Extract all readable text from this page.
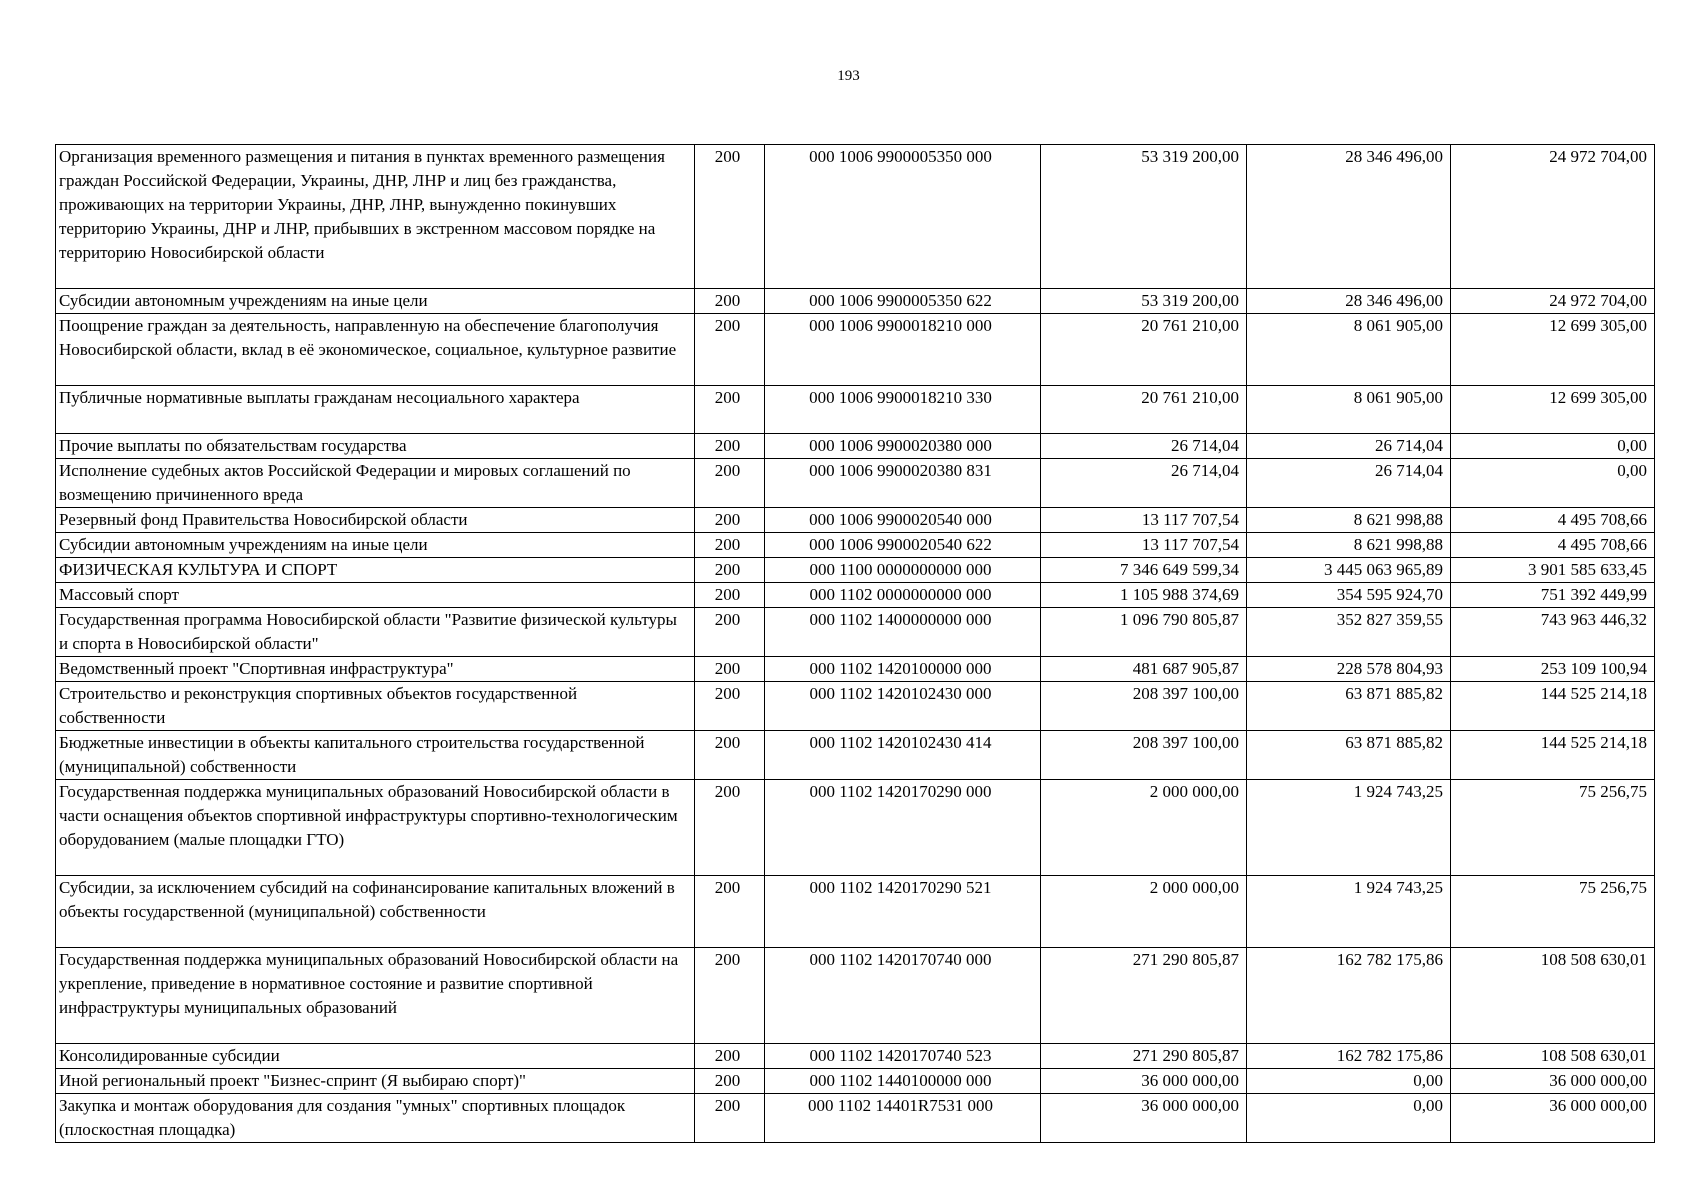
193
Организация временного размещения и питания в пунктах временного размещения граждан Российской Федерации, Украины, ДНР, ЛНР и лиц без гражданства, проживающих на территории Украины, ДНР, ЛНР, вынужденно покинувших территорию Украины, ДНР и ЛНР, прибывших в экстренном массовом порядке на территорию Новосибирской области	200	000 1006 9900005350 000	53 319 200,00	28 346 496,00	24 972 704,00
Субсидии автономным учреждениям на иные цели	200	000 1006 9900005350 622	53 319 200,00	28 346 496,00	24 972 704,00
Поощрение граждан за деятельность, направленную на обеспечение благополучия Новосибирской области, вклад в её экономическое, социальное, культурное развитие	200	000 1006 9900018210 000	20 761 210,00	8 061 905,00	12 699 305,00
Публичные нормативные выплаты гражданам несоциального характера	200	000 1006 9900018210 330	20 761 210,00	8 061 905,00	12 699 305,00
Прочие выплаты по обязательствам государства	200	000 1006 9900020380 000	26 714,04	26 714,04	0,00
Исполнение судебных актов Российской Федерации и мировых соглашений по возмещению причиненного вреда	200	000 1006 9900020380 831	26 714,04	26 714,04	0,00
Резервный фонд Правительства Новосибирской области	200	000 1006 9900020540 000	13 117 707,54	8 621 998,88	4 495 708,66
Субсидии автономным учреждениям на иные цели	200	000 1006 9900020540 622	13 117 707,54	8 621 998,88	4 495 708,66
ФИЗИЧЕСКАЯ КУЛЬТУРА И СПОРТ	200	000 1100 0000000000 000	7 346 649 599,34	3 445 063 965,89	3 901 585 633,45
Массовый спорт	200	000 1102 0000000000 000	1 105 988 374,69	354 595 924,70	751 392 449,99
Государственная программа Новосибирской области "Развитие физической культуры и спорта в Новосибирской области"	200	000 1102 1400000000 000	1 096 790 805,87	352 827 359,55	743 963 446,32
Ведомственный проект "Спортивная инфраструктура"	200	000 1102 1420100000 000	481 687 905,87	228 578 804,93	253 109 100,94
Строительство и реконструкция спортивных объектов государственной собственности	200	000 1102 1420102430 000	208 397 100,00	63 871 885,82	144 525 214,18
Бюджетные инвестиции в объекты капитального строительства государственной (муниципальной) собственности	200	000 1102 1420102430 414	208 397 100,00	63 871 885,82	144 525 214,18
Государственная поддержка муниципальных образований Новосибирской области в части оснащения объектов спортивной инфраструктуры спортивно-технологическим оборудованием (малые площадки ГТО)	200	000 1102 1420170290 000	2 000 000,00	1 924 743,25	75 256,75
Субсидии, за исключением субсидий на софинансирование капитальных вложений в объекты государственной (муниципальной) собственности	200	000 1102 1420170290 521	2 000 000,00	1 924 743,25	75 256,75
Государственная поддержка муниципальных образований Новосибирской области на укрепление, приведение в нормативное состояние и развитие спортивной инфраструктуры муниципальных образований	200	000 1102 1420170740 000	271 290 805,87	162 782 175,86	108 508 630,01
Консолидированные субсидии	200	000 1102 1420170740 523	271 290 805,87	162 782 175,86	108 508 630,01
Иной региональный проект "Бизнес-спринт (Я выбираю спорт)"	200	000 1102 1440100000 000	36 000 000,00	0,00	36 000 000,00
Закупка и монтаж оборудования для создания "умных" спортивных площадок (плоскостная площадка)	200	000 1102 14401R7531 000	36 000 000,00	0,00	36 000 000,00
